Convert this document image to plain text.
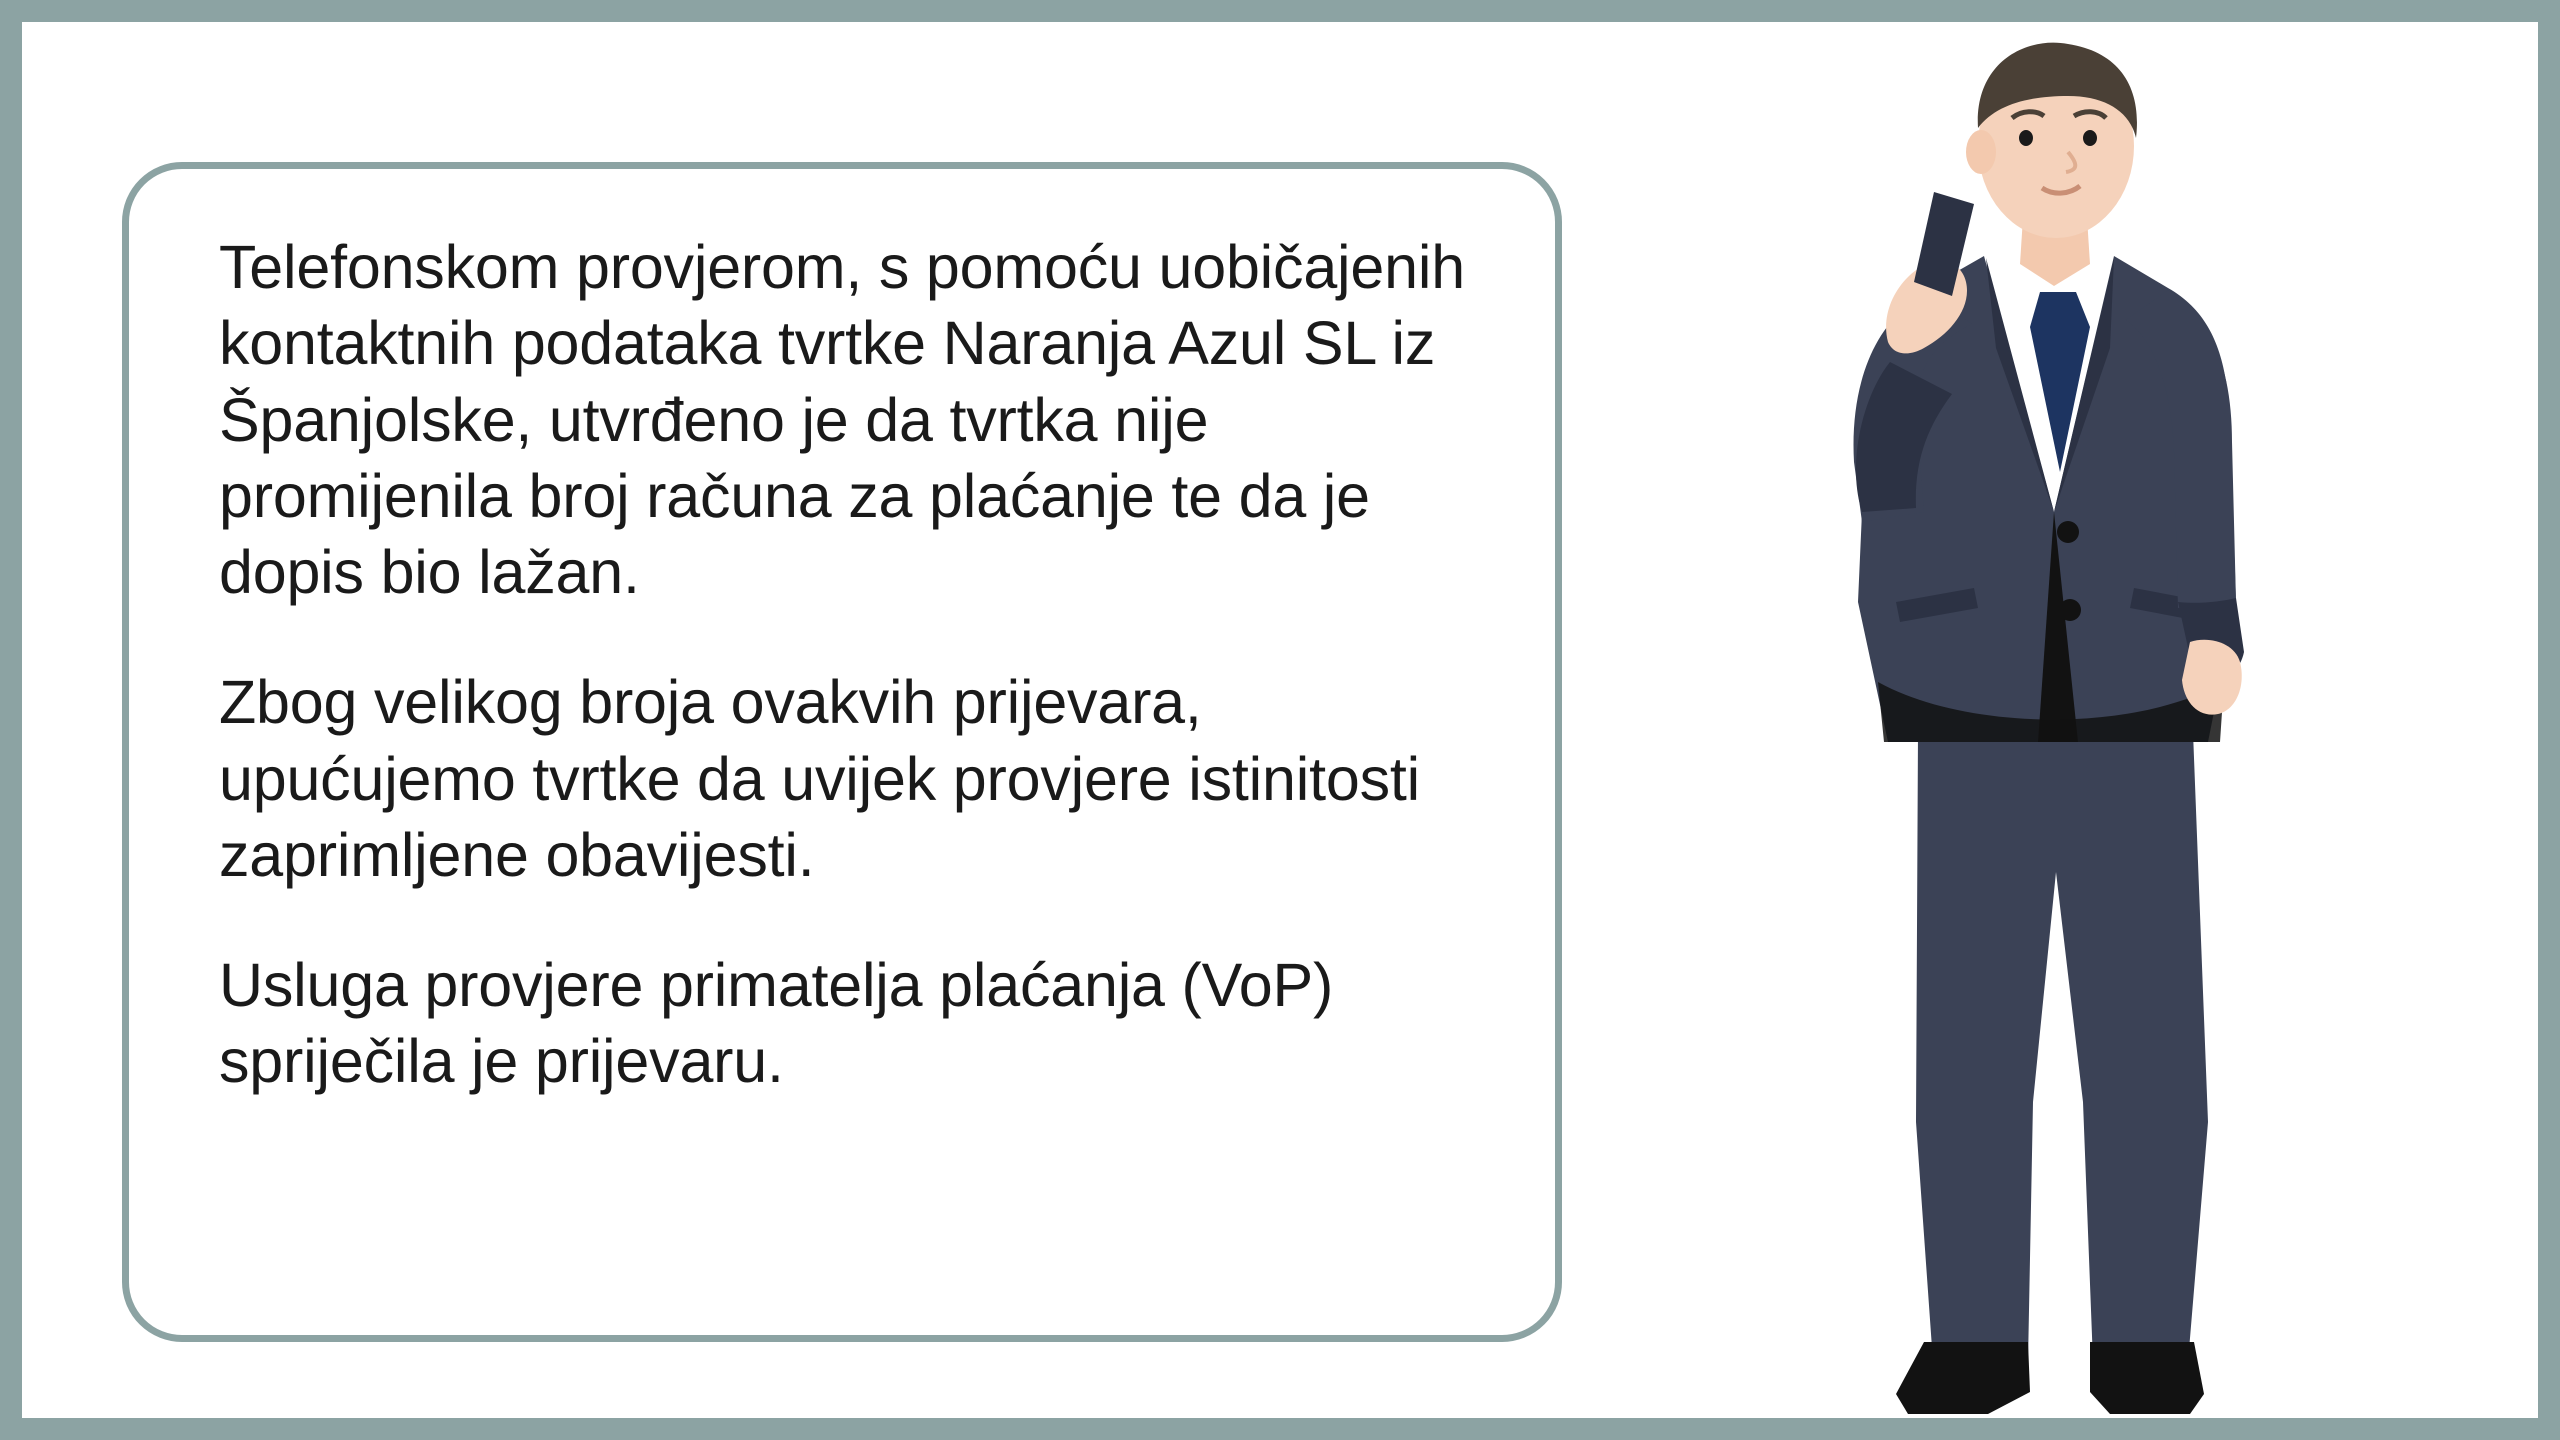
Telefonskom provjerom, s pomoću uobičajenih kontaktnih podataka tvrtke Naranja Azul SL iz Španjolske, utvrđeno je da tvrtka nije promijenila broj računa za plaćanje te da je dopis bio lažan.

Zbog velikog broja ovakvih prijevara, upućujemo tvrtke da uvijek provjere istinitosti zaprimljene obavijesti.

Usluga provjere primatelja plaćanja (VoP) spriječila je prijevaru.
